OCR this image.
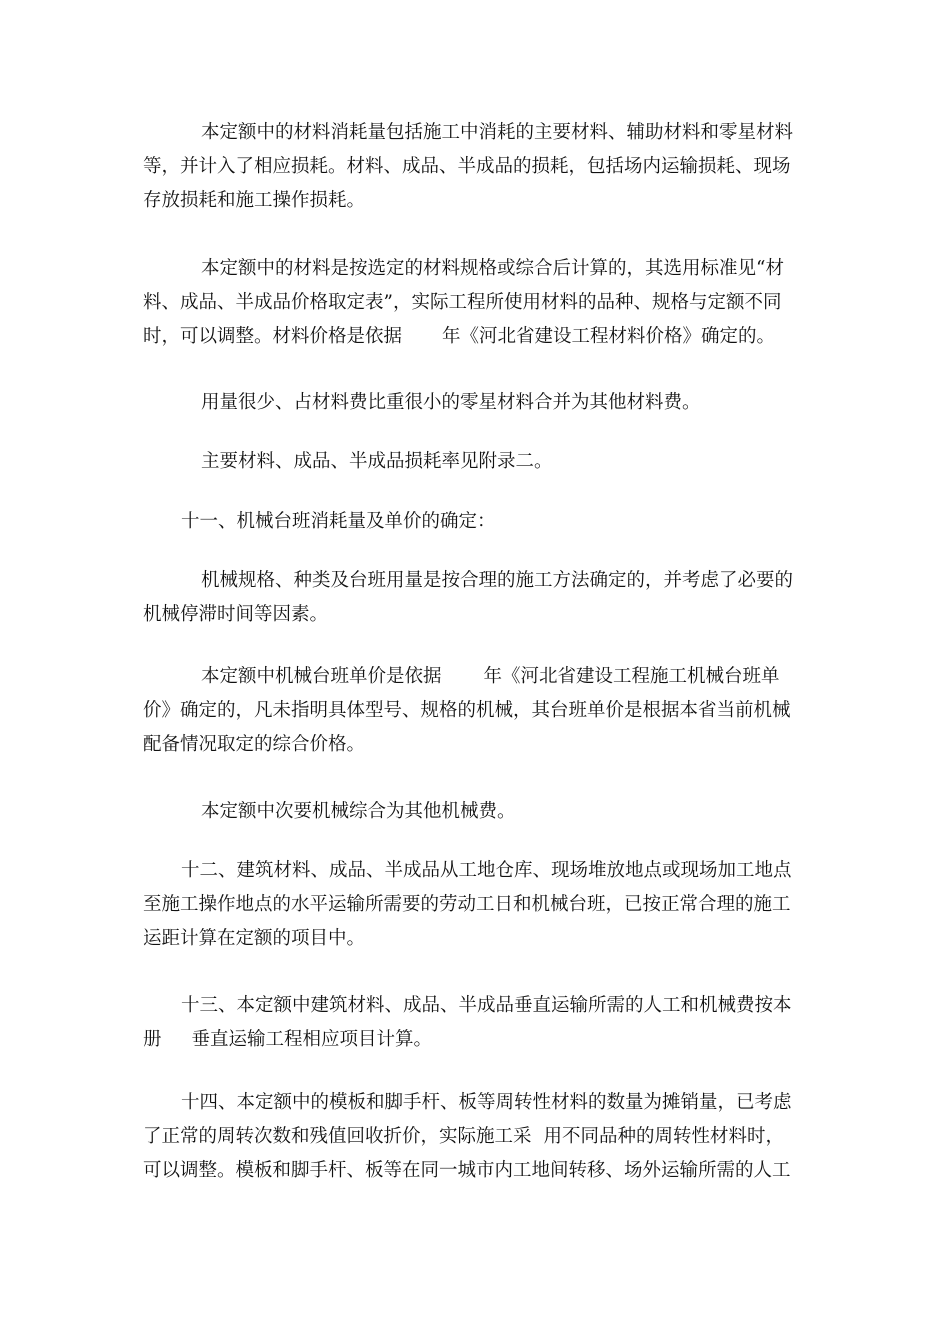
本定额中的材料消耗量包括施工中消耗的主要材料、辅助材料和零星材料
等，并计入了相应损耗。材料、成品、半成品的损耗，包括场内运输损耗、现场
存放损耗和施工操作损耗。

本定额中的材料是按选定的材料规格或综合后计算的，其选用标准见“材
料、成品、半成品价格取定表”，实际工程所使用材料的品种、规格与定额不同
时，可以调整。材料价格是依据 年《河北省建设工程材料价格》确定的。

用量很少、占材料费比重很小的零星材料合并为其他材料费。

主要材料、成品、半成品损耗率见附录二。

十一、机械台班消耗量及单价的确定：

机械规格、种类及台班用量是按合理的施工方法确定的，并考虑了必要的
机械停滞时间等因素。

本定额中机械台班单价是依据 年《河北省建设工程施工机械台班单
价》确定的，凡未指明具体型号、规格的机械，其台班单价是根据本省当前机械
配备情况取定的综合价格。

本定额中次要机械综合为其他机械费。

十二、建筑材料、成品、半成品从工地仓库、现场堆放地点或现场加工地点
至施工操作地点的水平运输所需要的劳动工日和机械台班，已按正常合理的施工
运距计算在定额的项目中。

十三、本定额中建筑材料、成品、半成品垂直运输所需的人工和机械费按本
册 垂直运输工程相应项目计算。

十四、本定额中的模板和脚手杆、板等周转性材料的数量为摊销量，已考虑
了正常的周转次数和残值回收折价，实际施工采 用不同品种的周转性材料时，
可以调整。模板和脚手杆、板等在同一城市内工地间转移、场外运输所需的人工
